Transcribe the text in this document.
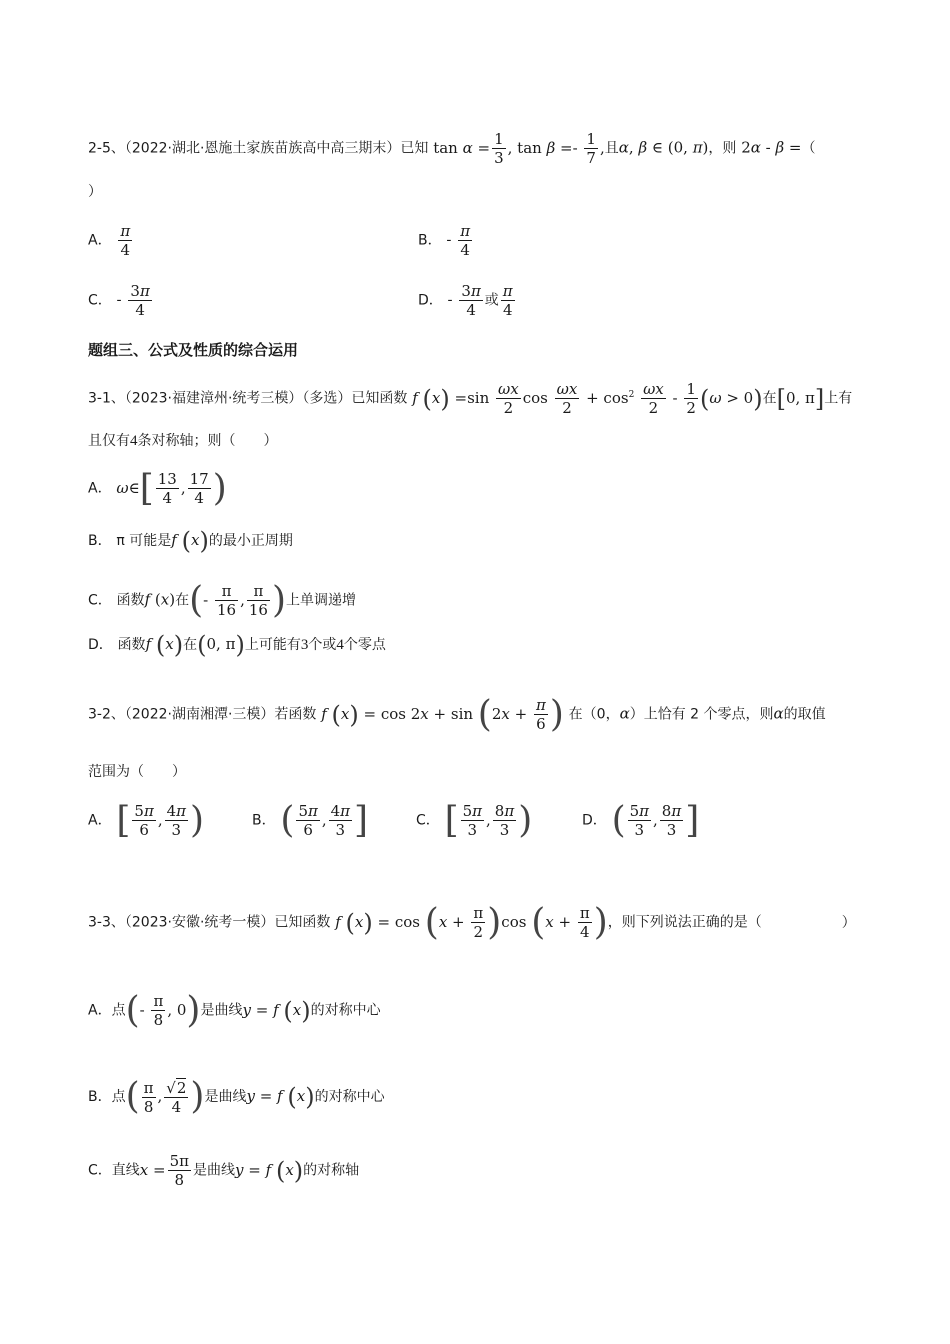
2-5、（2022·湖北·恩施土家族苗族高中高三期末）已知 $\tan \alpha = \frac{1}{3}$ , $\tan \beta =- \frac{1}{7}$ ,且α, β ∈ (0, π)，则 2α - β =（
）
A． $\frac{\pi}{4}$	B． - $\frac{\pi}{4}$
C． - $\frac{3\pi}{4}$	D． - $\frac{3\pi}{4}$ 或 $\frac{\pi}{4}$
题组三、公式及性质的综合运用
3-1、（2023·福建漳州·统考三模）（多选）已知函数 f $(x) =\sin \frac{\omega x}{2}$ $\cos \frac{\omega x}{2} + \cos^2 \frac{\omega x}{2} - \frac{1}{2} (\omega > 0)$在[0, π]上有
且仅有4条对称轴；则（　　）
A． ω∈[ $\frac{13}{4}$ , $\frac{17}{4}$ )
B． π 可能是f (x)的最小正周期
C． 函数f (x)在(- $\frac{\pi}{16}$ , $\frac{\pi}{16}$ )上单调递增
D． 函数f (x)在(0, π)上可能有3个或4个零点
3-2、（2022·湖南湘潭·三模）若函数 f $(x) = \cos 2x + \sin (2x + \frac{\pi}{6}$ ) 在（0，α）上恰有 2 个零点，则α的取值
范围为（　　）
A． [ $\frac{5\pi}{6}$ , $\frac{4\pi}{3}$ )	B． ( $\frac{5\pi}{6}$ , $\frac{4\pi}{3}$ ]	C． [ $\frac{5\pi}{3}$ , $\frac{8\pi}{3}$ )	D． ( $\frac{5\pi}{3}$ , $\frac{8\pi}{3}$ ]
3-3、（2023·安徽·统考一模）已知函数 f $(x) = \cos (x + \frac{\pi}{2} )\cos$ ($x + \frac{\pi}{4}$ )，则下列说法正确的是（	）
A．点(- $\frac{\pi}{8}$ , 0)是曲线y = f (x)的对称中心
B．点( $\frac{\pi}{8}$ , $\frac{√2}{4}$ )是曲线y = f (x)的对称中心
C．直线$x = \frac{5\pi}{8}$ 是曲线y = f (x)的对称轴
